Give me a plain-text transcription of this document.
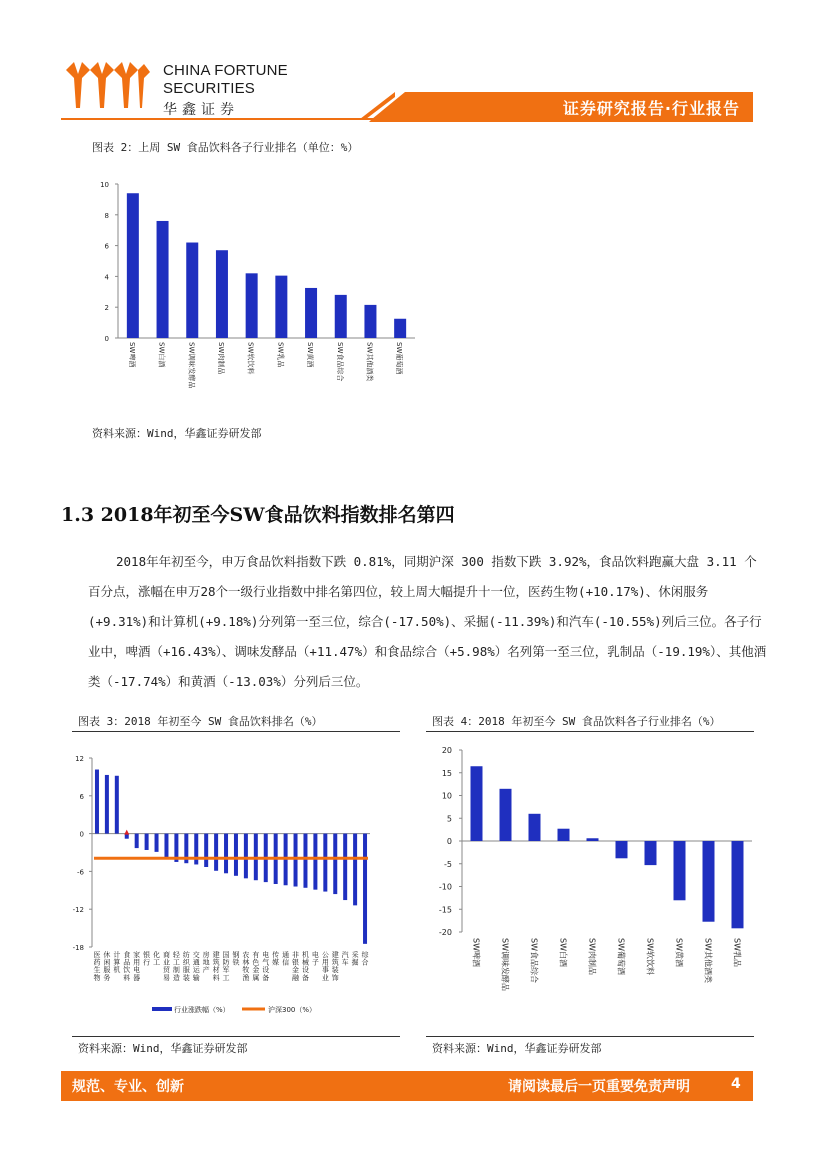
CHINA FORTUNE
SECURITIES
华鑫证券	证券研究报告·行业报告
图表 2：上周 SW 食品饮料各子行业排名（单位：%）
0
2
4
6
8
10
SW啤酒	SW白酒	SW调味发酵品	SW肉制品	SW软饮料	SW乳品	SW黄酒	SW食品综合	SW其他酒类	SW葡萄酒
资料来源：Wind，华鑫证券研发部
1.3 2018年初至今SW食品饮料指数排名第四
2018年年初至今，申万食品饮料指数下跌 0.81%，同期沪深 300 指数下跌 3.92%，食品饮料跑赢大盘 3.11 个百分点，涨幅在申万28个一级行业指数中排名第四位，较上周大幅提升十一位，医药生物(+10.17%)、休闲服务(+9.31%)和计算机(+9.18%)分列第一至三位，综合(-17.50%)、采掘(-11.39%)和汽车(-10.55%)列后三位。各子行业中，啤酒（+16.43%）、调味发酵品（+11.47%）和食品综合（+5.98%）名列第一至三位，乳制品（-19.19%）、其他酒类（-17.74%）和黄酒（-13.03%）分列后三位。
图表 3：2018 年初至今 SW 食品饮料排名（%）	图表 4：2018 年初至今 SW 食品饮料各子行业排名（%）
12
6
0
-6
-12
-18
医药生物
休闲服务
计算机
食品饮料
家用电器
银行
化工
商业贸易
轻工制造
纺织服装
交通运输
房地产
建筑材料
国防军工
钢铁
农林牧渔
有色金属
电气设备
传媒
通信
非银金融
机械设备
电子
公用事业
建筑装饰
汽车
采掘
综合
行业涨跌幅（%）	沪深300（%）
20
15
10
5
0
-5
-10
-15
-20
SW啤酒	SW调味发酵品	SW食品综合	SW白酒	SW肉制品	SW葡萄酒	SW软饮料	SW黄酒	SW其他酒类	SW乳品
资料来源：Wind，华鑫证券研发部	资料来源：Wind，华鑫证券研发部
规范、专业、创新	请阅读最后一页重要免责声明	4
